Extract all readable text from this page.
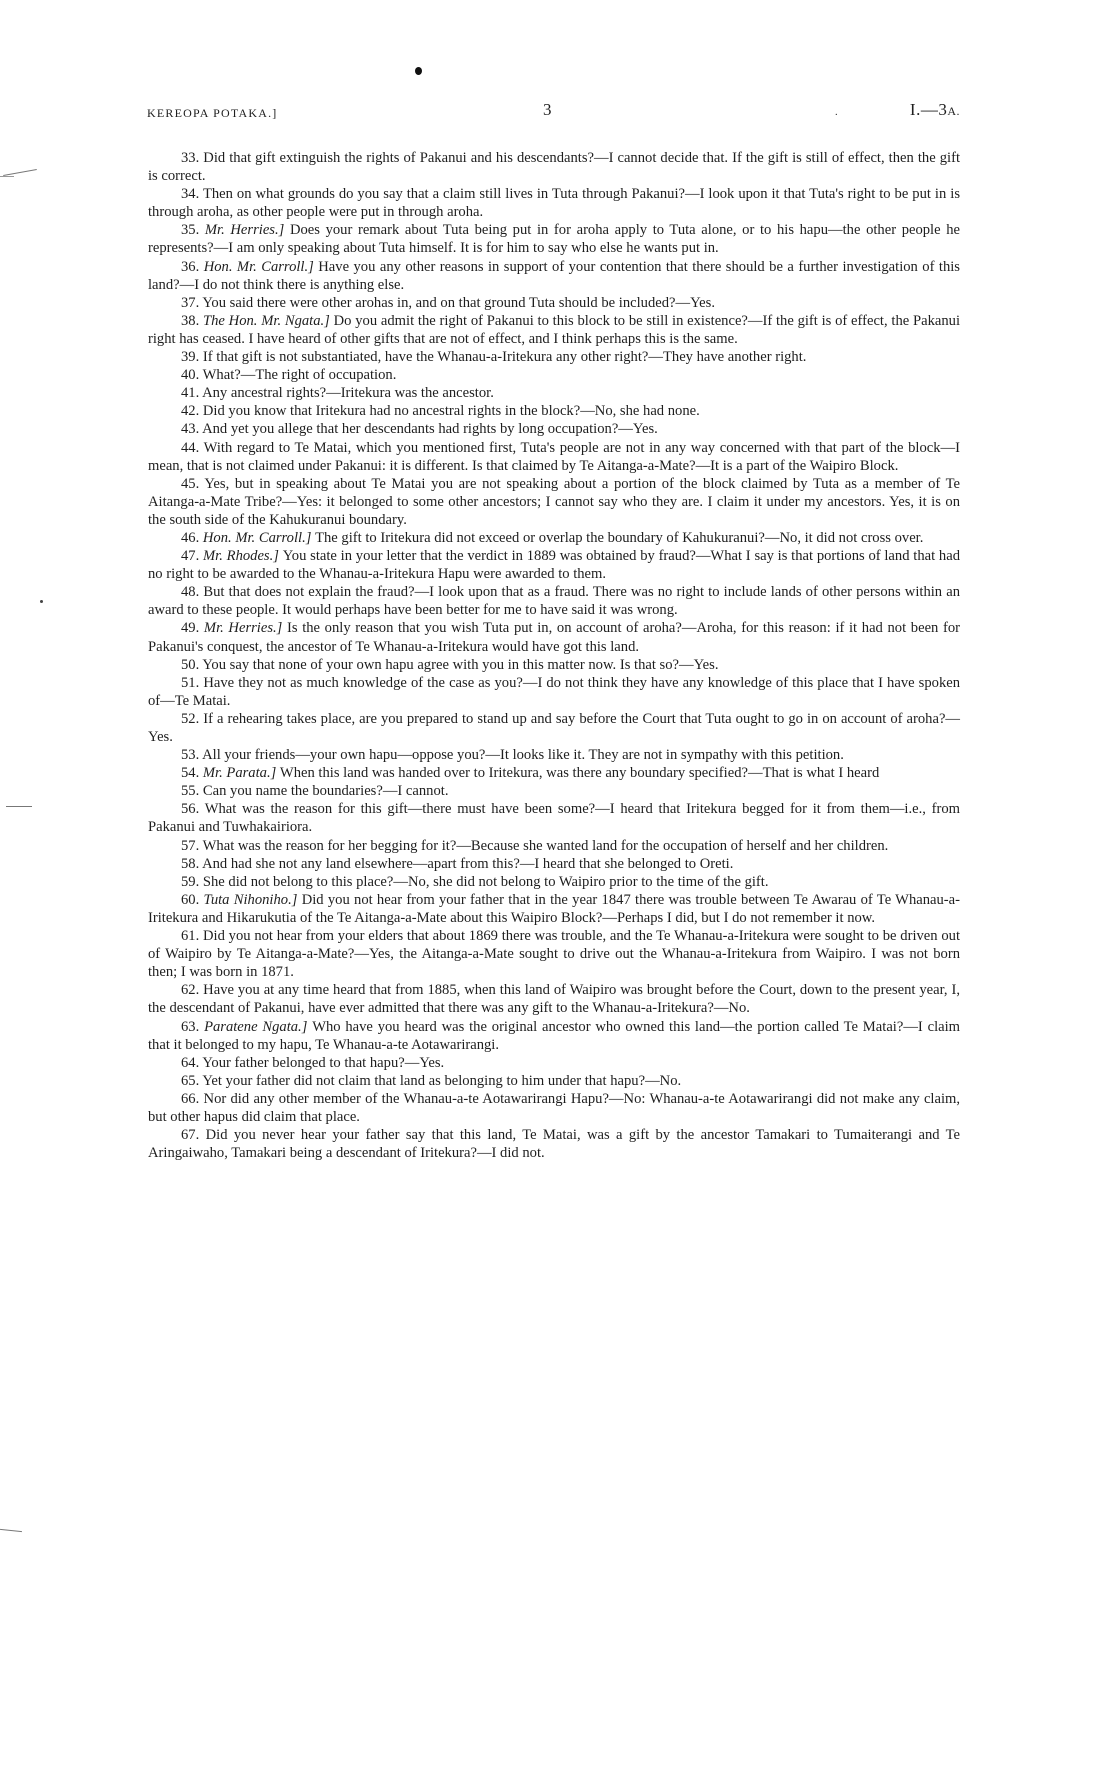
KEREOPA POTAKA.]	3	·	I.—3A.

33. Did that gift extinguish the rights of Pakanui and his descendants?—I cannot decide that. If the gift is still of effect, then the gift is correct.

34. Then on what grounds do you say that a claim still lives in Tuta through Pakanui?—I look upon it that Tuta's right to be put in is through aroha, as other people were put in through aroha.

35. Mr. Herries.] Does your remark about Tuta being put in for aroha apply to Tuta alone, or to his hapu—the other people he represents?—I am only speaking about Tuta himself. It is for him to say who else he wants put in.

36. Hon. Mr. Carroll.] Have you any other reasons in support of your contention that there should be a further investigation of this land?—I do not think there is anything else.

37. You said there were other arohas in, and on that ground Tuta should be included?—Yes.

38. The Hon. Mr. Ngata.] Do you admit the right of Pakanui to this block to be still in existence?—If the gift is of effect, the Pakanui right has ceased. I have heard of other gifts that are not of effect, and I think perhaps this is the same.

39. If that gift is not substantiated, have the Whanau-a-Iritekura any other right?—They have another right.

40. What?—The right of occupation.

41. Any ancestral rights?—Iritekura was the ancestor.

42. Did you know that Iritekura had no ancestral rights in the block?—No, she had none.

43. And yet you allege that her descendants had rights by long occupation?—Yes.

44. With regard to Te Matai, which you mentioned first, Tuta's people are not in any way concerned with that part of the block—I mean, that is not claimed under Pakanui: it is different. Is that claimed by Te Aitanga-a-Mate?—It is a part of the Waipiro Block.

45. Yes, but in speaking about Te Matai you are not speaking about a portion of the block claimed by Tuta as a member of Te Aitanga-a-Mate Tribe?—Yes: it belonged to some other ancestors; I cannot say who they are. I claim it under my ancestors. Yes, it is on the south side of the Kahukuranui boundary.

46. Hon. Mr. Carroll.] The gift to Iritekura did not exceed or overlap the boundary of Kahukuranui?—No, it did not cross over.

47. Mr. Rhodes.] You state in your letter that the verdict in 1889 was obtained by fraud?—What I say is that portions of land that had no right to be awarded to the Whanau-a-Iritekura Hapu were awarded to them.

48. But that does not explain the fraud?—I look upon that as a fraud. There was no right to include lands of other persons within an award to these people. It would perhaps have been better for me to have said it was wrong.

49. Mr. Herries.] Is the only reason that you wish Tuta put in, on account of aroha?—Aroha, for this reason: if it had not been for Pakanui's conquest, the ancestor of Te Whanau-a-Iritekura would have got this land.

50. You say that none of your own hapu agree with you in this matter now. Is that so?—Yes.

51. Have they not as much knowledge of the case as you?—I do not think they have any knowledge of this place that I have spoken of—Te Matai.

52. If a rehearing takes place, are you prepared to stand up and say before the Court that Tuta ought to go in on account of aroha?—Yes.

53. All your friends—your own hapu—oppose you?—It looks like it. They are not in sympathy with this petition.

54. Mr. Parata.] When this land was handed over to Iritekura, was there any boundary specified?—That is what I heard

55. Can you name the boundaries?—I cannot.

56. What was the reason for this gift—there must have been some?—I heard that Iritekura begged for it from them—i.e., from Pakanui and Tuwhakairiora.

57. What was the reason for her begging for it?—Because she wanted land for the occupation of herself and her children.

58. And had she not any land elsewhere—apart from this?—I heard that she belonged to Oreti.

59. She did not belong to this place?—No, she did not belong to Waipiro prior to the time of the gift.

60. Tuta Nihoniho.] Did you not hear from your father that in the year 1847 there was trouble between Te Awarau of Te Whanau-a-Iritekura and Hikarukutia of the Te Aitanga-a-Mate about this Waipiro Block?—Perhaps I did, but I do not remember it now.

61. Did you not hear from your elders that about 1869 there was trouble, and the Te Whanau-a-Iritekura were sought to be driven out of Waipiro by Te Aitanga-a-Mate?—Yes, the Aitanga-a-Mate sought to drive out the Whanau-a-Iritekura from Waipiro. I was not born then; I was born in 1871.

62. Have you at any time heard that from 1885, when this land of Waipiro was brought before the Court, down to the present year, I, the descendant of Pakanui, have ever admitted that there was any gift to the Whanau-a-Iritekura?—No.

63. Paratene Ngata.] Who have you heard was the original ancestor who owned this land—the portion called Te Matai?—I claim that it belonged to my hapu, Te Whanau-a-te Aotawarirangi.

64. Your father belonged to that hapu?—Yes.

65. Yet your father did not claim that land as belonging to him under that hapu?—No.

66. Nor did any other member of the Whanau-a-te Aotawarirangi Hapu?—No: Whanau-a-te Aotawarirangi did not make any claim, but other hapus did claim that place.

67. Did you never hear your father say that this land, Te Matai, was a gift by the ancestor Tamakari to Tumaiterangi and Te Aringaiwaho, Tamakari being a descendant of Iritekura?—I did not.
